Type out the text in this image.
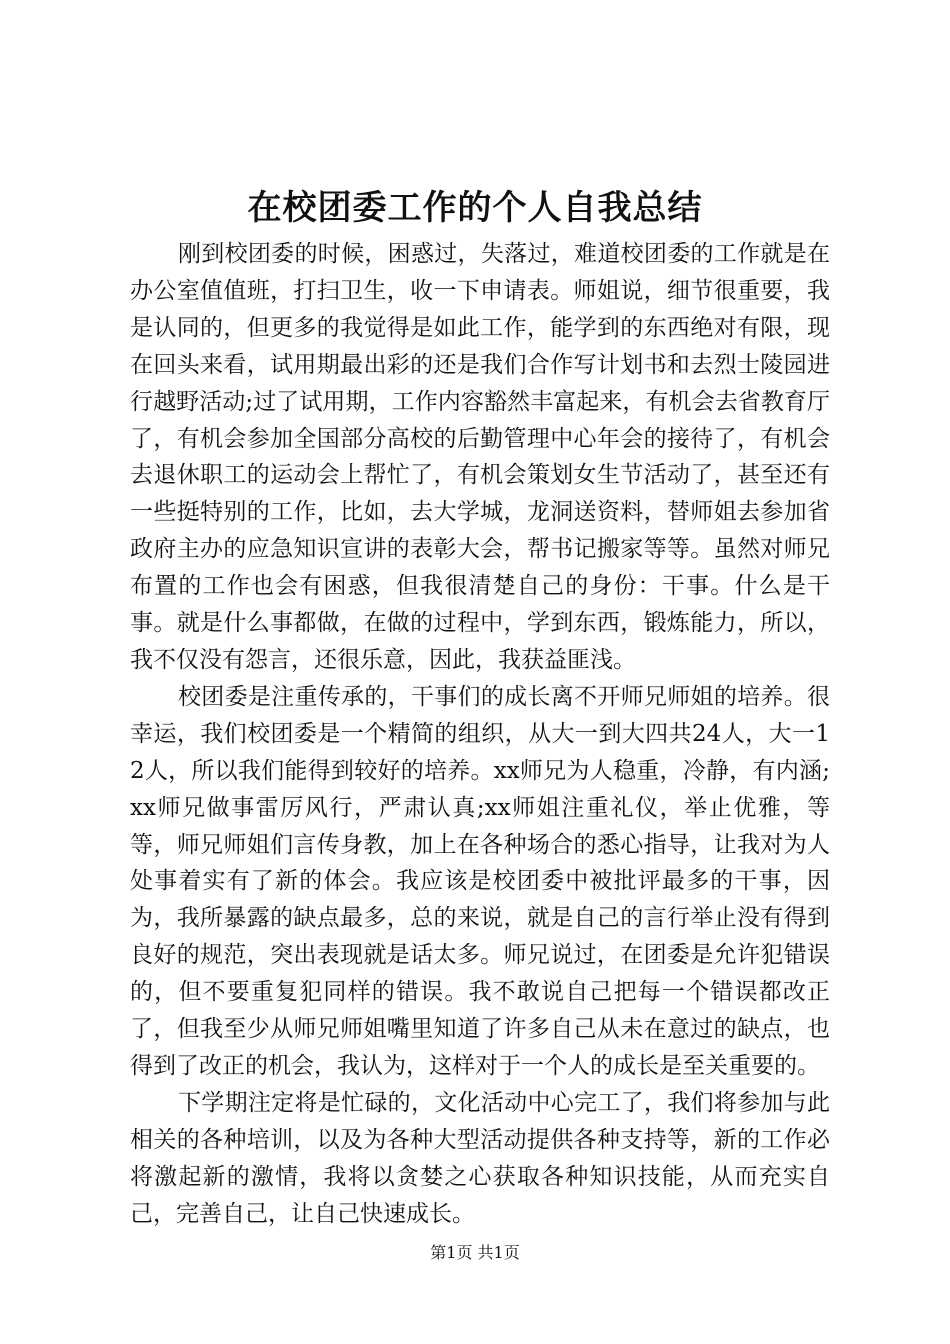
在校团委工作的个人自我总结

刚到校团委的时候，困惑过，失落过，难道校团委的工作就是在办公室值值班，打扫卫生，收一下申请表。师姐说，细节很重要，我是认同的，但更多的我觉得是如此工作，能学到的东西绝对有限，现在回头来看，试用期最出彩的还是我们合作写计划书和去烈士陵园进行越野活动;过了试用期，工作内容豁然丰富起来，有机会去省教育厅了，有机会参加全国部分高校的后勤管理中心年会的接待了，有机会去退休职工的运动会上帮忙了，有机会策划女生节活动了，甚至还有一些挺特别的工作，比如，去大学城，龙洞送资料，替师姐去参加省政府主办的应急知识宣讲的表彰大会，帮书记搬家等等。虽然对师兄布置的工作也会有困惑，但我很清楚自己的身份：干事。什么是干事。就是什么事都做，在做的过程中，学到东西，锻炼能力，所以，我不仅没有怨言，还很乐意，因此，我获益匪浅。

校团委是注重传承的，干事们的成长离不开师兄师姐的培养。很幸运，我们校团委是一个精简的组织，从大一到大四共24人，大一12人，所以我们能得到较好的培养。xx师兄为人稳重，冷静，有内涵;xx师兄做事雷厉风行，严肃认真;xx师姐注重礼仪，举止优雅，等等，师兄师姐们言传身教，加上在各种场合的悉心指导，让我对为人处事着实有了新的体会。我应该是校团委中被批评最多的干事，因为，我所暴露的缺点最多，总的来说，就是自己的言行举止没有得到良好的规范，突出表现就是话太多。师兄说过，在团委是允许犯错误的，但不要重复犯同样的错误。我不敢说自己把每一个错误都改正了，但我至少从师兄师姐嘴里知道了许多自己从未在意过的缺点，也得到了改正的机会，我认为，这样对于一个人的成长是至关重要的。

下学期注定将是忙碌的，文化活动中心完工了，我们将参加与此相关的各种培训，以及为各种大型活动提供各种支持等，新的工作必将激起新的激情，我将以贪婪之心获取各种知识技能，从而充实自己，完善自己，让自己快速成长。

第1页 共1页
